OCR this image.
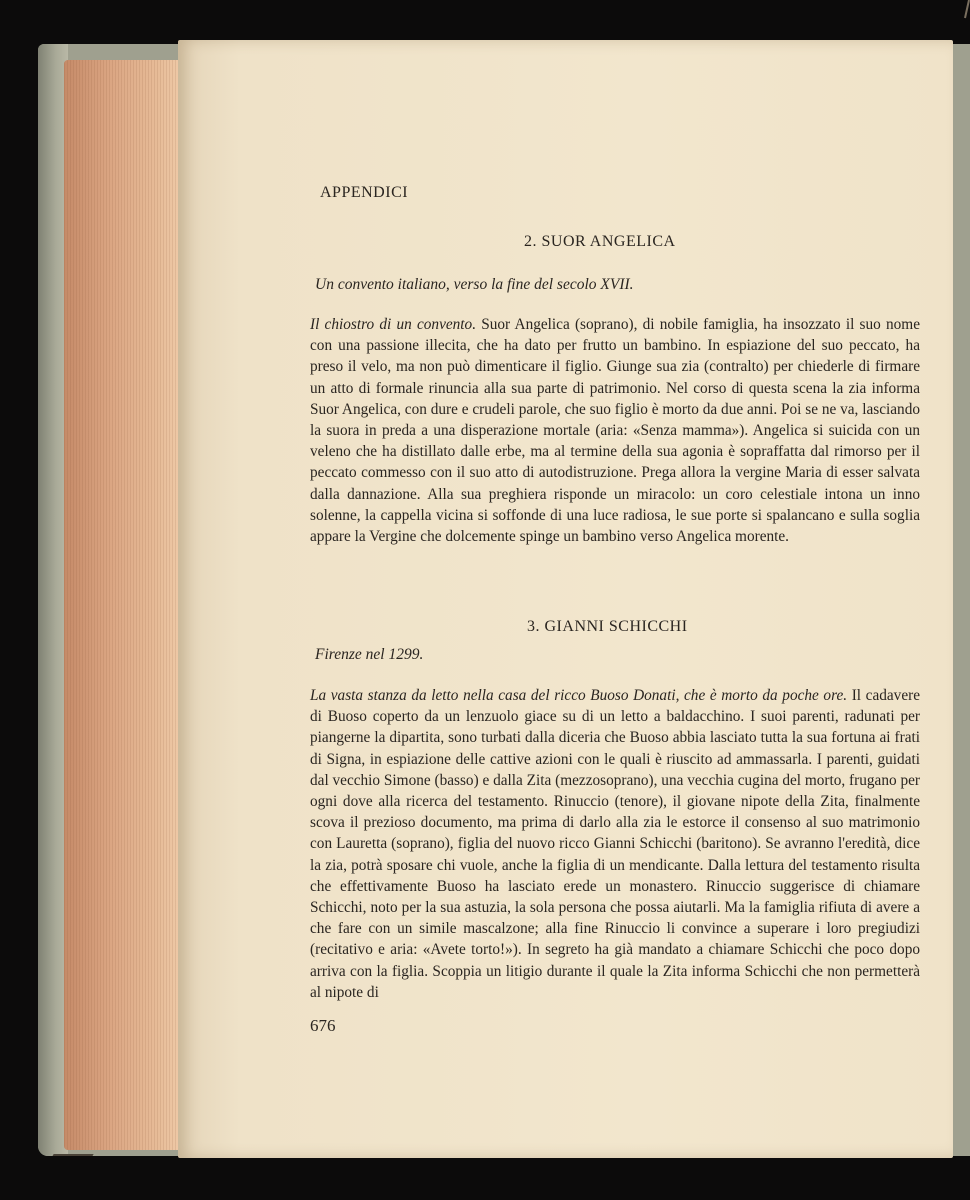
APPENDICI
2. SUOR ANGELICA
Un convento italiano, verso la fine del secolo XVII.
Il chiostro di un convento. Suor Angelica (soprano), di nobile famiglia, ha insozzato il suo nome con una passione illecita, che ha dato per frutto un bambino. In espiazione del suo peccato, ha preso il velo, ma non può dimenticare il figlio. Giunge sua zia (contralto) per chiederle di firmare un atto di formale rinuncia alla sua parte di patrimonio. Nel corso di questa scena la zia informa Suor Angelica, con dure e crudeli parole, che suo figlio è morto da due anni. Poi se ne va, lasciando la suora in preda a una disperazione mortale (aria: «Senza mamma»). Angelica si suicida con un veleno che ha distillato dalle erbe, ma al termine della sua agonia è sopraffatta dal rimorso per il peccato commesso con il suo atto di autodistruzione. Prega allora la vergine Maria di esser salvata dalla dannazione. Alla sua preghiera risponde un miracolo: un coro celestiale intona un inno solenne, la cappella vicina si soffonde di una luce radiosa, le sue porte si spalancano e sulla soglia appare la Vergine che dolcemente spinge un bambino verso Angelica morente.
3. GIANNI SCHICCHI
Firenze nel 1299.
La vasta stanza da letto nella casa del ricco Buoso Donati, che è morto da poche ore. Il cadavere di Buoso coperto da un lenzuolo giace su di un letto a baldacchino. I suoi parenti, radunati per piangerne la dipartita, sono turbati dalla diceria che Buoso abbia lasciato tutta la sua fortuna ai frati di Signa, in espiazione delle cattive azioni con le quali è riuscito ad ammassarla. I parenti, guidati dal vecchio Simone (basso) e dalla Zita (mezzosoprano), una vecchia cugina del morto, frugano per ogni dove alla ricerca del testamento. Rinuccio (tenore), il giovane nipote della Zita, finalmente scova il prezioso documento, ma prima di darlo alla zia le estorce il consenso al suo matrimonio con Lauretta (soprano), figlia del nuovo ricco Gianni Schicchi (baritono). Se avranno l'eredità, dice la zia, potrà sposare chi vuole, anche la figlia di un mendicante. Dalla lettura del testamento risulta che effettivamente Buoso ha lasciato erede un monastero. Rinuccio suggerisce di chiamare Schicchi, noto per la sua astuzia, la sola persona che possa aiutarli. Ma la famiglia rifiuta di avere a che fare con un simile mascalzone; alla fine Rinuccio li convince a superare i loro pregiudizi (recitativo e aria: «Avete torto!»). In segreto ha già mandato a chiamare Schicchi che poco dopo arriva con la figlia. Scoppia un litigio durante il quale la Zita informa Schicchi che non permetterà al nipote di
676
